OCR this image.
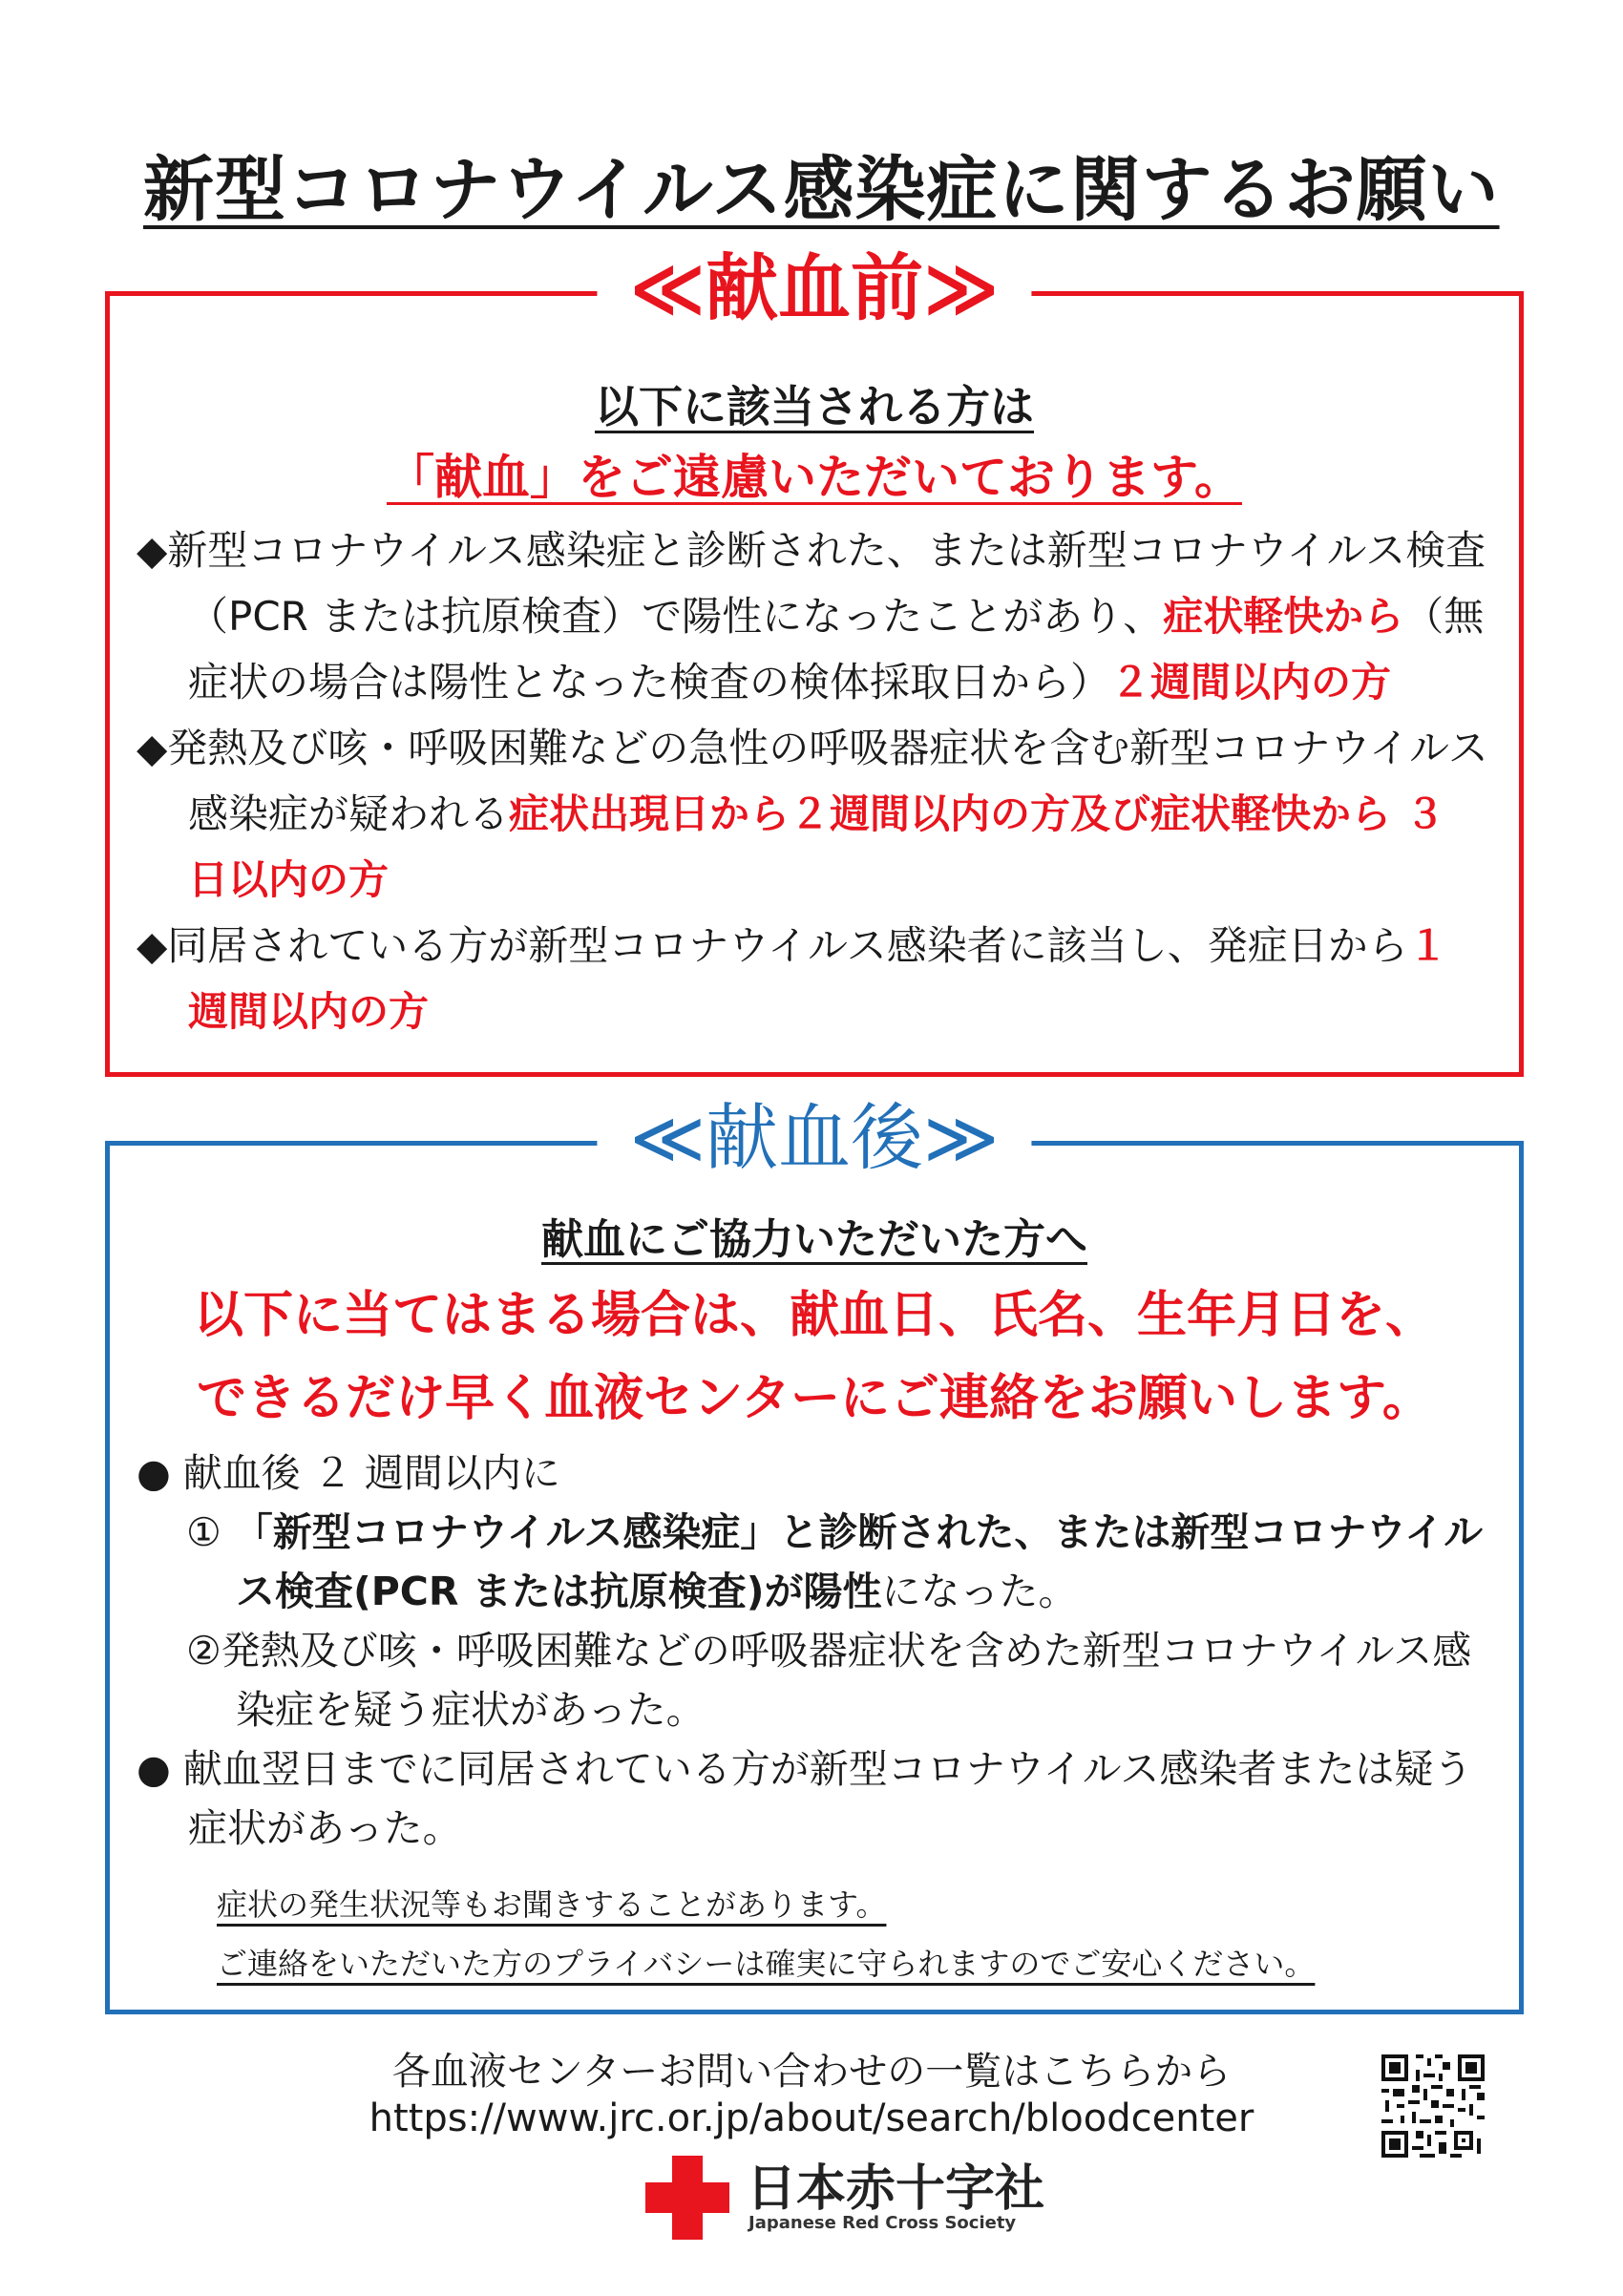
新型コロナウイルス感染症に関するお願い
≪献血前≫
以下に該当される方は
「献血」をご遠慮いただいております。
◆新型コロナウイルス感染症と診断された、または新型コロナウイルス検査（PCR または抗原検査）で陽性になったことがあり、症状軽快から（無症状の場合は陽性となった検査の検体採取日から）２週間以内の方
◆発熱及び咳・呼吸困難などの急性の呼吸器症状を含む新型コロナウイルス感染症が疑われる症状出現日から２週間以内の方及び症状軽快から ３ 日以内の方
◆同居されている方が新型コロナウイルス感染者に該当し、発症日から１ 週間以内の方
≪献血後≫
献血にご協力いただいた方へ
以下に当てはまる場合は、献血日、氏名、生年月日を、
できるだけ早く血液センターにご連絡をお願いします。
● 献血後 ２ 週間以内に
① 「新型コロナウイルス感染症」と診断された、または新型コロナウイルス検査(PCR または抗原検査)が陽性になった。
②発熱及び咳・呼吸困難などの呼吸器症状を含めた新型コロナウイルス感染症を疑う症状があった。
● 献血翌日までに同居されている方が新型コロナウイルス感染者または疑う症状があった。
症状の発生状況等もお聞きすることがあります。
ご連絡をいただいた方のプライバシーは確実に守られますのでご安心ください。
各血液センターお問い合わせの一覧はこちらから
https://www.jrc.or.jp/about/search/bloodcenter
日本赤十字社
Japanese Red Cross Society
